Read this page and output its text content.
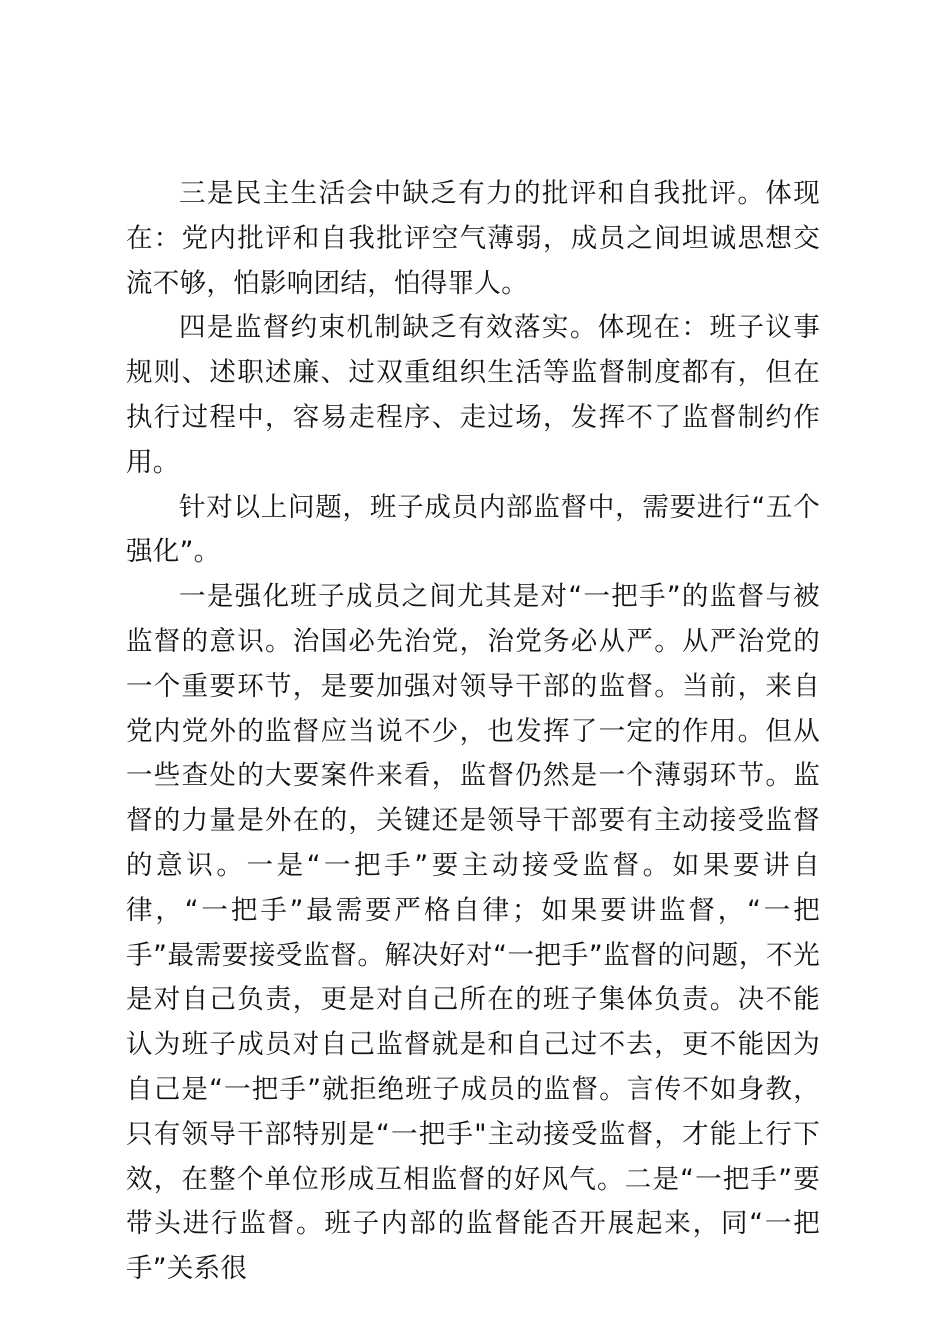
三是民主生活会中缺乏有力的批评和自我批评。体现在：党内批评和自我批评空气薄弱，成员之间坦诚思想交流不够，怕影响团结，怕得罪人。

四是监督约束机制缺乏有效落实。体现在：班子议事规则、述职述廉、过双重组织生活等监督制度都有，但在执行过程中，容易走程序、走过场，发挥不了监督制约作用。

针对以上问题，班子成员内部监督中，需要进行“五个强化”。

一是强化班子成员之间尤其是对“一把手”的监督与被监督的意识。治国必先治党，治党务必从严。从严治党的一个重要环节，是要加强对领导干部的监督。当前，来自党内党外的监督应当说不少，也发挥了一定的作用。但从一些查处的大要案件来看，监督仍然是一个薄弱环节。监督的力量是外在的，关键还是领导干部要有主动接受监督的意识。一是“一把手”要主动接受监督。如果要讲自律，“一把手”最需要严格自律；如果要讲监督，“一把手”最需要接受监督。解决好对“一把手”监督的问题，不光是对自己负责，更是对自己所在的班子集体负责。决不能认为班子成员对自己监督就是和自己过不去，更不能因为自己是“一把手”就拒绝班子成员的监督。言传不如身教，只有领导干部特别是“一把手"主动接受监督，才能上行下效，在整个单位形成互相监督的好风气。二是“一把手”要带头进行监督。班子内部的监督能否开展起来，同“一把手”关系很
